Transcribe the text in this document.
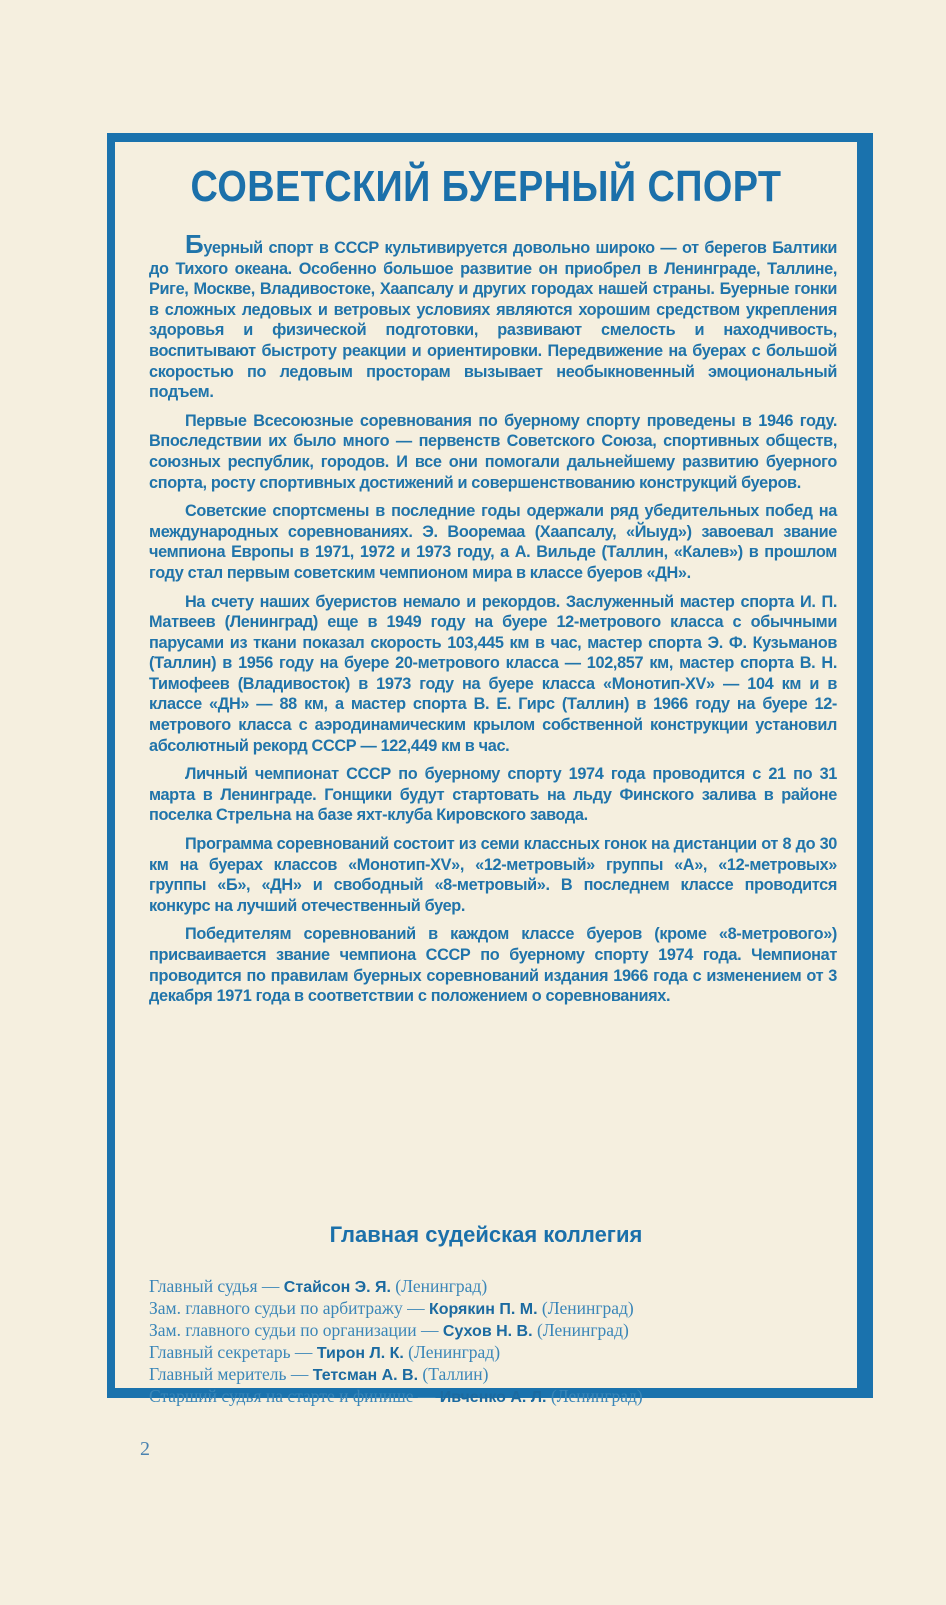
СОВЕТСКИЙ БУЕРНЫЙ СПОРТ

Буерный спорт в СССР культивируется довольно широко — от берегов Балтики до Тихого океана. Особенно большое развитие он приобрел в Ленинграде, Таллине, Риге, Москве, Владивостоке, Хаапсалу и других городах нашей страны. Буерные гонки в сложных ледовых и ветровых условиях являются хорошим средством укрепления здоровья и физической подготовки, развивают смелость и находчивость, воспитывают быстроту реакции и ориентировки. Передвижение на буерах с большой скоростью по ледовым просторам вызывает необыкновенный эмоциональный подъем.

Первые Всесоюзные соревнования по буерному спорту проведены в 1946 году. Впоследствии их было много — первенств Советского Союза, спортивных обществ, союзных республик, городов. И все они помогали дальнейшему развитию буерного спорта, росту спортивных достижений и совершенствованию конструкций буеров.

Советские спортсмены в последние годы одержали ряд убедительных побед на международных соревнованиях. Э. Вооремаа (Хаапсалу, «Йыуд») завоевал звание чемпиона Европы в 1971, 1972 и 1973 году, а А. Вильде (Таллин, «Калев») в прошлом году стал первым советским чемпионом мира в классе буеров «ДН».

На счету наших буеристов немало и рекордов. Заслуженный мастер спорта И. П. Матвеев (Ленинград) еще в 1949 году на буере 12-метрового класса с обычными парусами из ткани показал скорость 103,445 км в час, мастер спорта Э. Ф. Кузьманов (Таллин) в 1956 году на буере 20-метрового класса — 102,857 км, мастер спорта В. Н. Тимофеев (Владивосток) в 1973 году на буере класса «Монотип-XV» — 104 км и в классе «ДН» — 88 км, а мастер спорта В. Е. Гирс (Таллин) в 1966 году на буере 12-метрового класса с аэродинамическим крылом собственной конструкции установил абсолютный рекорд СССР — 122,449 км в час.

Личный чемпионат СССР по буерному спорту 1974 года проводится с 21 по 31 марта в Ленинграде. Гонщики будут стартовать на льду Финского залива в районе поселка Стрельна на базе яхт-клуба Кировского завода.

Программа соревнований состоит из семи классных гонок на дистанции от 8 до 30 км на буерах классов «Монотип-XV», «12-метровый» группы «А», «12-метровых» группы «Б», «ДН» и свободный «8-метровый». В последнем классе проводится конкурс на лучший отечественный буер.

Победителям соревнований в каждом классе буеров (кроме «8-метрового») присваивается звание чемпиона СССР по буерному спорту 1974 года. Чемпионат проводится по правилам буерных соревнований издания 1966 года с изменением от 3 декабря 1971 года в соответствии с положением о соревнованиях.

Главная судейская коллегия
Главный судья — Стайсон Э. Я. (Ленинград)
Зам. главного судьи по арбитражу — Корякин П. М. (Ленинград)
Зам. главного судьи по организации — Сухов Н. В. (Ленинград)
Главный секретарь — Тирон Л. К. (Ленинград)
Главный меритель — Тетсман А. В. (Таллин)
Старший судья на старте и финише — Ивченко А. Л. (Ленинград)
2
